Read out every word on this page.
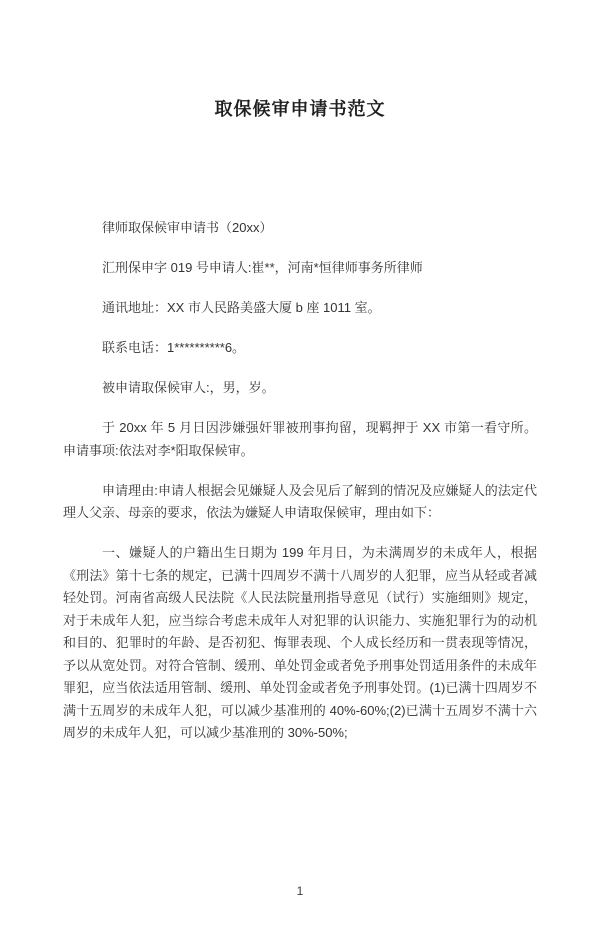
取保候审申请书范文

律师取保候审申请书（20xx）

汇刑保申字 019 号申请人:崔**，河南*恒律师事务所律师

通讯地址：XX 市人民路美盛大厦 b 座 1011 室。

联系电话：1**********6。

被申请取保候审人:，男，岁。

于 20xx 年 5 月日因涉嫌强奸罪被刑事拘留，现羁押于 XX 市第一看守所。申请事项:依法对李*阳取保候审。

申请理由:申请人根据会见嫌疑人及会见后了解到的情况及应嫌疑人的法定代理人父亲、母亲的要求，依法为嫌疑人申请取保候审，理由如下：

一、嫌疑人的户籍出生日期为 199 年月日，为未满周岁的未成年人，根据《刑法》第十七条的规定，已满十四周岁不满十八周岁的人犯罪，应当从轻或者减轻处罚。河南省高级人民法院《人民法院量刑指导意见（试行）实施细则》规定，对于未成年人犯，应当综合考虑未成年人对犯罪的认识能力、实施犯罪行为的动机和目的、犯罪时的年龄、是否初犯、悔罪表现、个人成长经历和一贯表现等情况，予以从宽处罚。对符合管制、缓刑、单处罚金或者免予刑事处罚适用条件的未成年罪犯，应当依法适用管制、缓刑、单处罚金或者免予刑事处罚。(1)已满十四周岁不满十五周岁的未成年人犯，可以减少基准刑的 40%-60%;(2)已满十五周岁不满十六周岁的未成年人犯，可以减少基准刑的 30%-50%;

1
